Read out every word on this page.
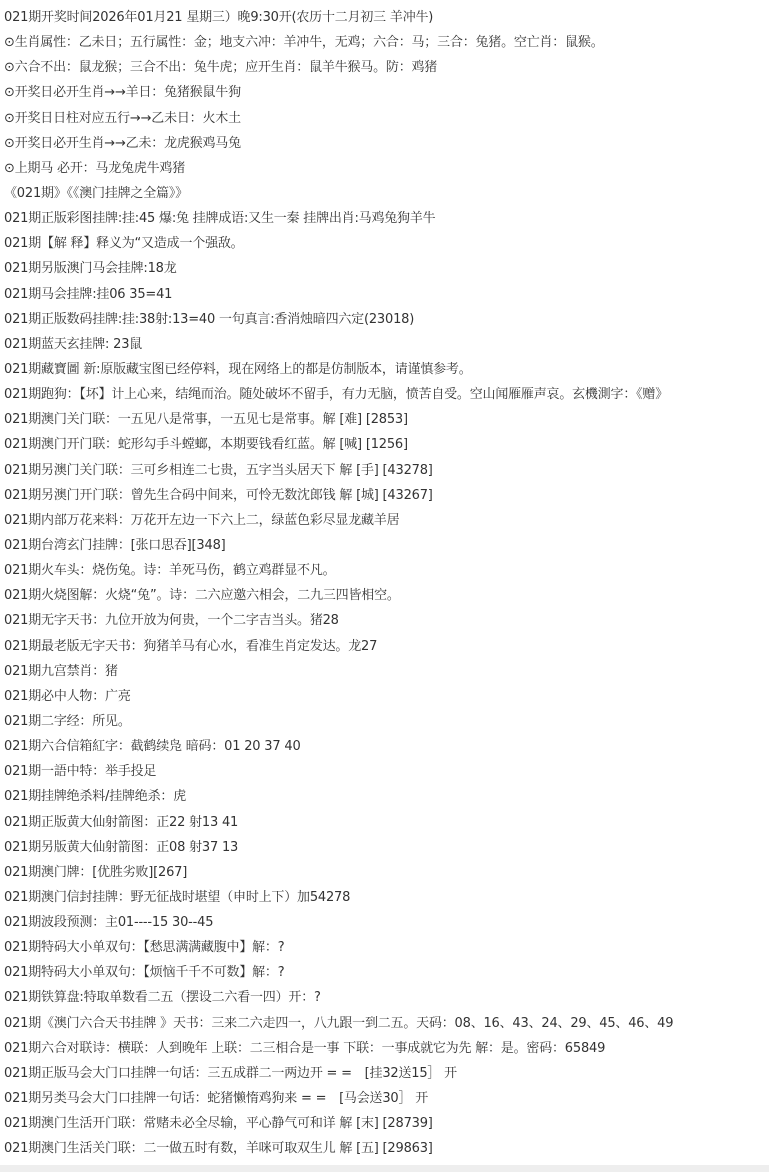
021期开奖时间2026年01月21 星期三）晚9:30开(农历十二月初三 羊冲牛)
⊙生肖属性：乙未日；五行属性：金；地支六冲：羊冲牛，无鸡；六合：马；三合：兔猪。空亡肖：鼠猴。
⊙六合不出：鼠龙猴；三合不出：兔牛虎；应开生肖：鼠羊牛猴马。防：鸡猪
⊙开奖日必开生肖→→羊日：兔猪猴鼠牛狗
⊙开奖日日柱对应五行→→乙未日：火木土
⊙开奖日必开生肖→→乙未：龙虎猴鸡马兔
⊙上期马 必开：马龙兔虎牛鸡猪
《021期》《《澳门挂牌之全篇》》
021期正版彩图挂牌:挂:45 爆:兔 挂牌成语:又生一秦 挂牌出肖:马鸡兔狗羊牛
021期【解 释】释义为“又造成一个强敌。
021期另版澳门马会挂牌:18龙
021期马会挂牌:挂06 35=41
021期正版数码挂牌:挂:38射:13=40 一句真言:香消烛暗四六定(23018)
021期蓝天玄挂牌: 23鼠
021期藏寶圖 新:原版藏宝图已经停料，现在网络上的都是仿制版本，请谨慎参考。
021期跑狗：【坏】计上心来，结绳而治。随处破坏不留手，有力无脑，愤苦自受。空山闻雁雁声哀。玄機測字：《赠》
021期澳门关门联：一五见八是常事，一五见七是常事。解 [难] [2853]
021期澳门开门联：蛇形勾手斗螳螂，本期要钱看红蓝。解 [喊] [1256]
021期另澳门关门联：三可乡相连二七贵，五字当头居天下 解 [手] [43278]
021期另澳门开门联：曾先生合码中间来，可怜无数沈郎钱 解 [城] [43267]
021期内部万花来料：万花开左边一下六上二，绿蓝色彩尽显龙藏羊居
021期台湾玄门挂牌：[张口思吞][348]
021期火车头：烧伤兔。诗：羊死马伤，鹤立鸡群显不凡。
021期火烧图解：火烧“兔”。诗：二六应邀六相会，二九三四皆相空。
021期无字天书：九位开放为何贵，一个二字吉当头。猪28
021期最老版无字天书：狗猪羊马有心水，看准生肖定发达。龙27
021期九宫禁肖：猪
021期必中人物：广亮
021期二字经：所见。
021期六合信箱紅字：截鹤续凫 暗码：01 20 37 40
021期一語中特：举手投足
021期挂牌绝杀料/挂牌绝杀：虎
021期正版黄大仙射箭图：正22 射13 41
021期另版黄大仙射箭图：正08 射37 13
021期澳门牌：[优胜劣败][267]
021期澳门信封挂牌：野无征战时堪望（申时上下）加54278
021期波段预测：主01----15 30--45
021期特码大小单双句：【愁思满满藏腹中】解：?
021期特码大小单双句：【烦恼千千不可数】解：?
021期铁算盘:特取单数看二五（摆设二六看一四）开：?
021期《澳门六合天书挂牌 》天书：三来二六走四一，八九跟一到二五。天码：08、16、43、24、29、45、46、49
021期六合对联诗：横联：人到晚年 上联：二三相合是一事 下联：一事成就它为先 解：是。密码：65849
021期正版马会大门口挂牌一句话：三五成群二一两边开 = =　[挂32送15］ 开
021期另类马会大门口挂牌一句话：蛇猪懒惰鸡狗来 = =　[马会送30］ 开
021期澳门生活开门联：常赌未必全尽输，平心静气可和详 解 [末] [28739]
021期澳门生活关门联：二一做五时有数，羊咪可取双生儿 解 [五] [29863]
